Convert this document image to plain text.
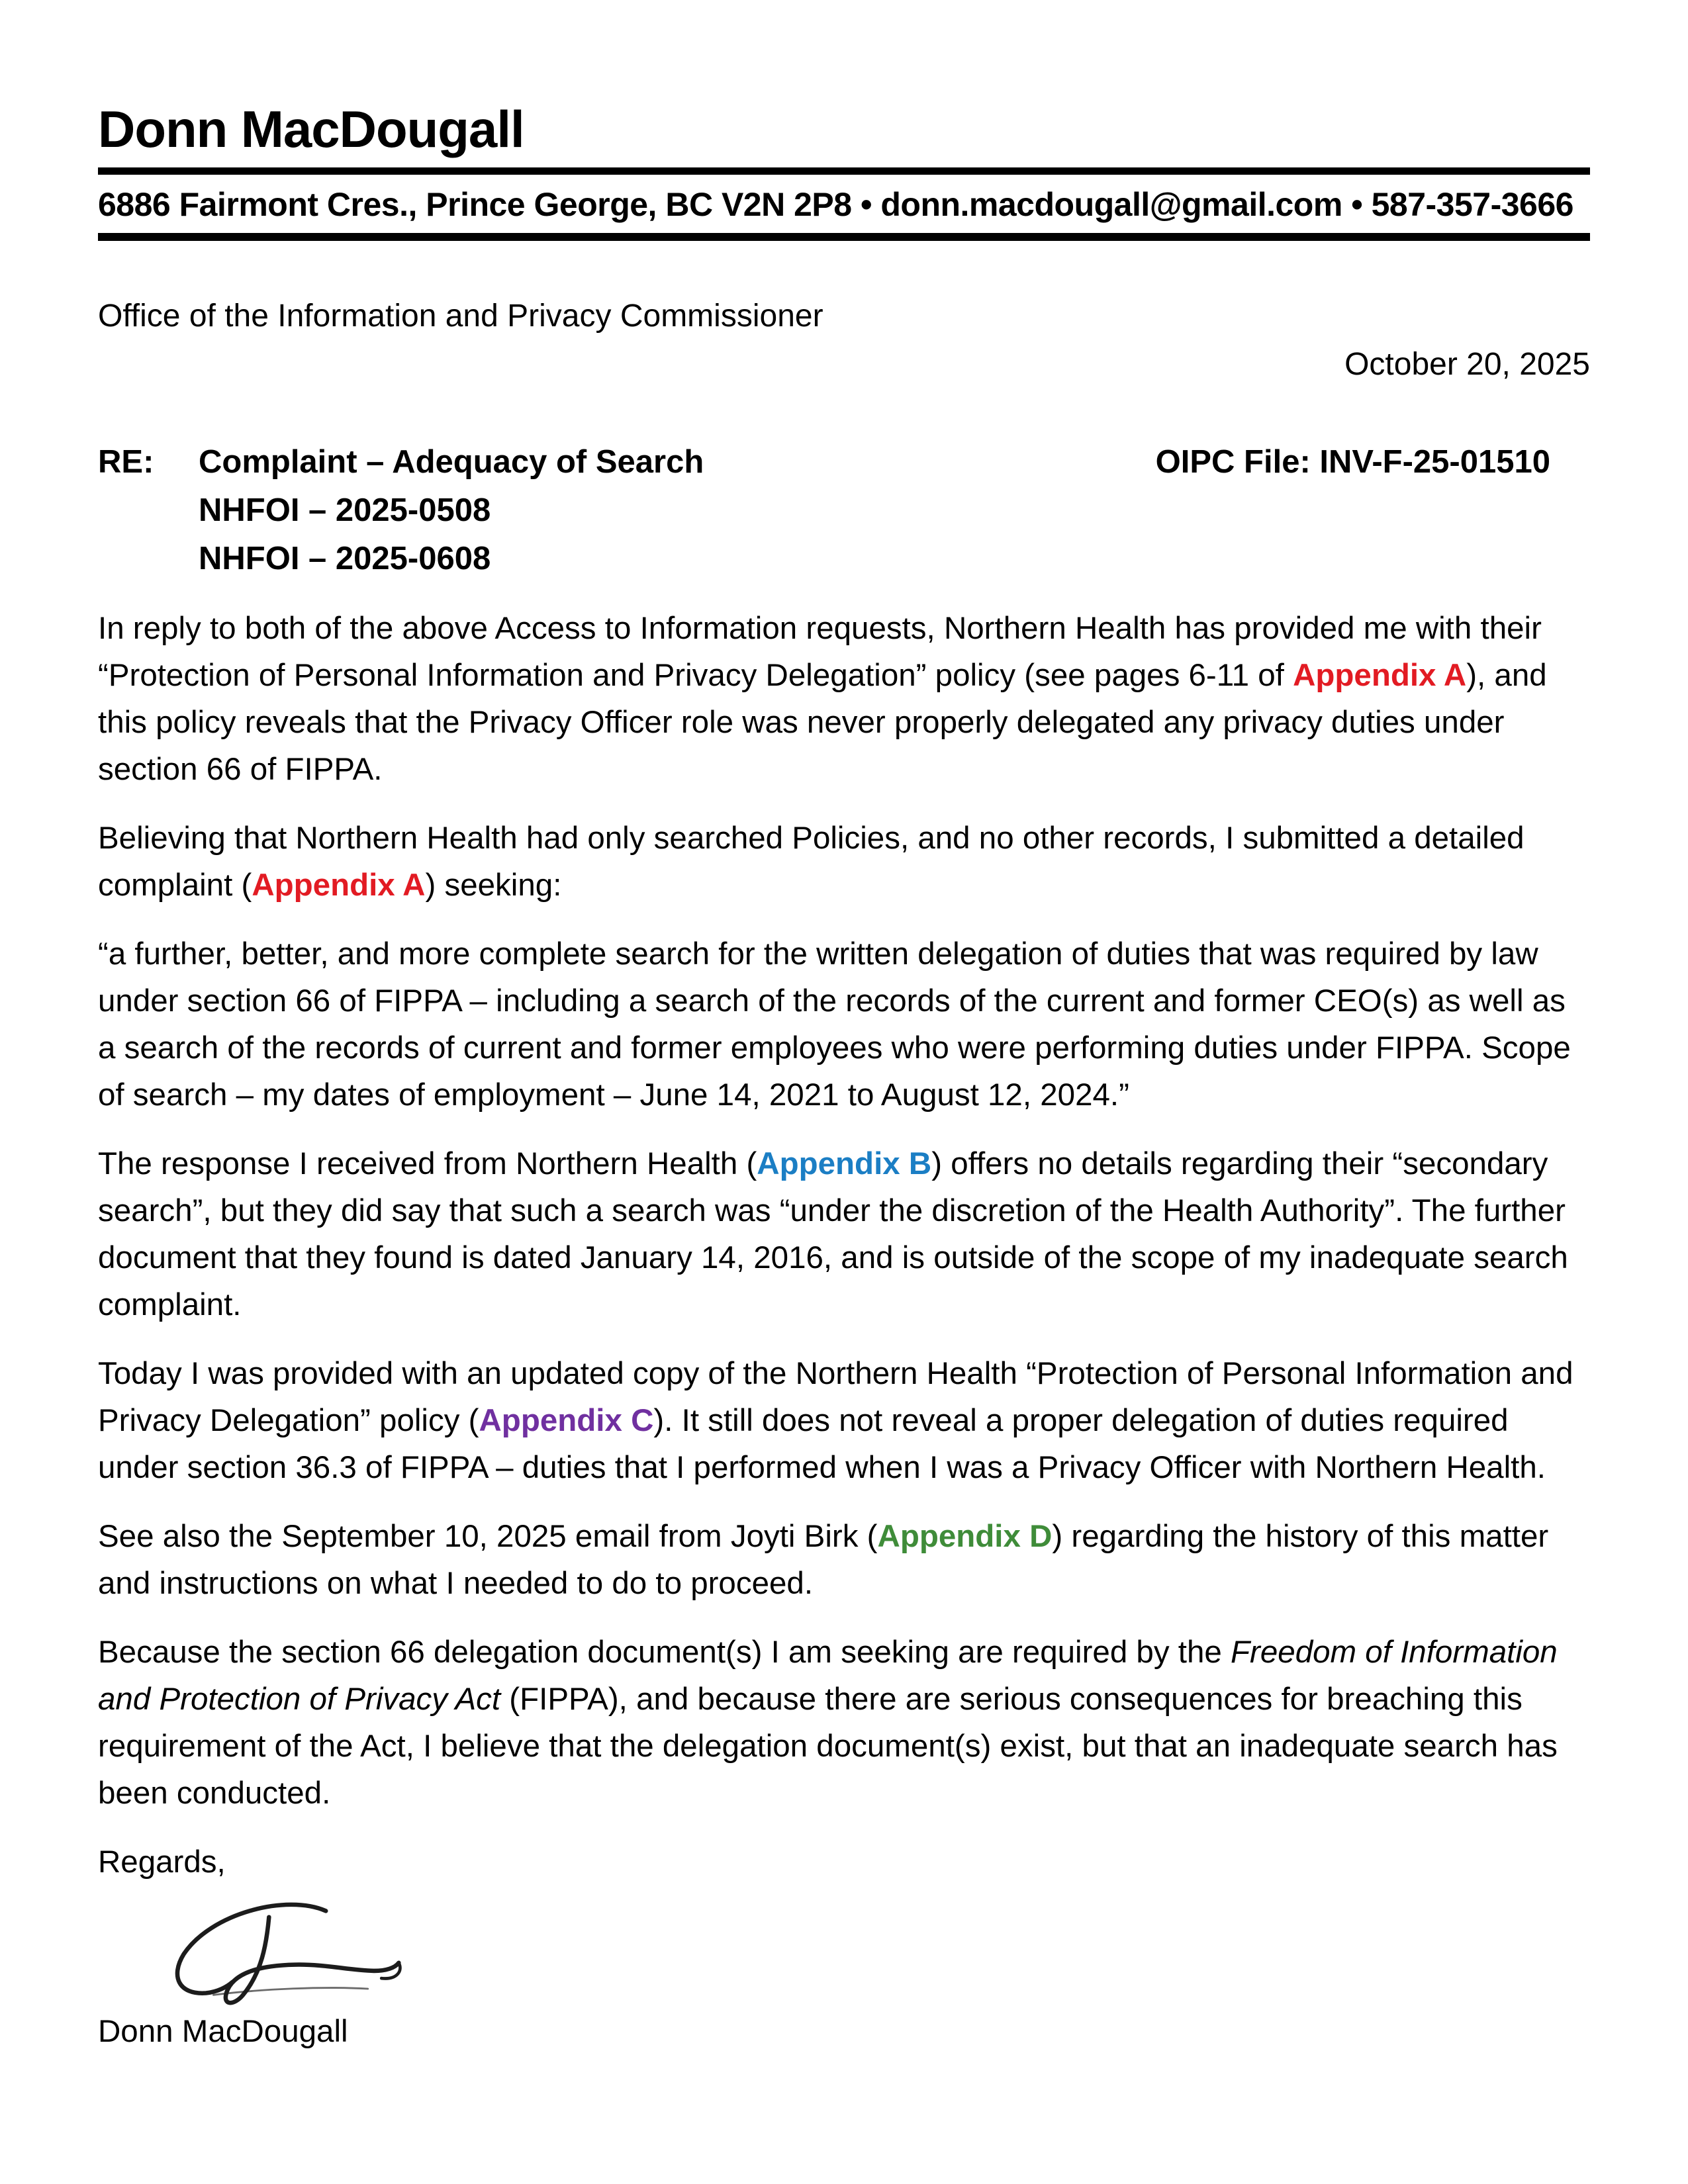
Donn MacDougall
6886 Fairmont Cres., Prince George, BC V2N 2P8 • donn.macdougall@gmail.com • 587-357-3666
Office of the Information and Privacy Commissioner
October 20, 2025
RE:	Complaint – Adequacy of Search	OIPC File: INV-F-25-01510
NHFOI – 2025-0508
NHFOI – 2025-0608

In reply to both of the above Access to Information requests, Northern Health has provided me with their “Protection of Personal Information and Privacy Delegation” policy (see pages 6-11 of Appendix A), and this policy reveals that the Privacy Officer role was never properly delegated any privacy duties under section 66 of FIPPA.

Believing that Northern Health had only searched Policies, and no other records, I submitted a detailed complaint (Appendix A) seeking:

“a further, better, and more complete search for the written delegation of duties that was required by law under section 66 of FIPPA – including a search of the records of the current and former CEO(s) as well as a search of the records of current and former employees who were performing duties under FIPPA. Scope of search – my dates of employment – June 14, 2021 to August 12, 2024.”

The response I received from Northern Health (Appendix B) offers no details regarding their “secondary search”, but they did say that such a search was “under the discretion of the Health Authority”. The further document that they found is dated January 14, 2016, and is outside of the scope of my inadequate search complaint.

Today I was provided with an updated copy of the Northern Health “Protection of Personal Information and Privacy Delegation” policy (Appendix C). It still does not reveal a proper delegation of duties required under section 36.3 of FIPPA – duties that I performed when I was a Privacy Officer with Northern Health.

See also the September 10, 2025 email from Joyti Birk (Appendix D) regarding the history of this matter and instructions on what I needed to do to proceed.

Because the section 66 delegation document(s) I am seeking are required by the Freedom of Information and Protection of Privacy Act (FIPPA), and because there are serious consequences for breaching this requirement of the Act, I believe that the delegation document(s) exist, but that an inadequate search has been conducted.

Regards,

Donn MacDougall
